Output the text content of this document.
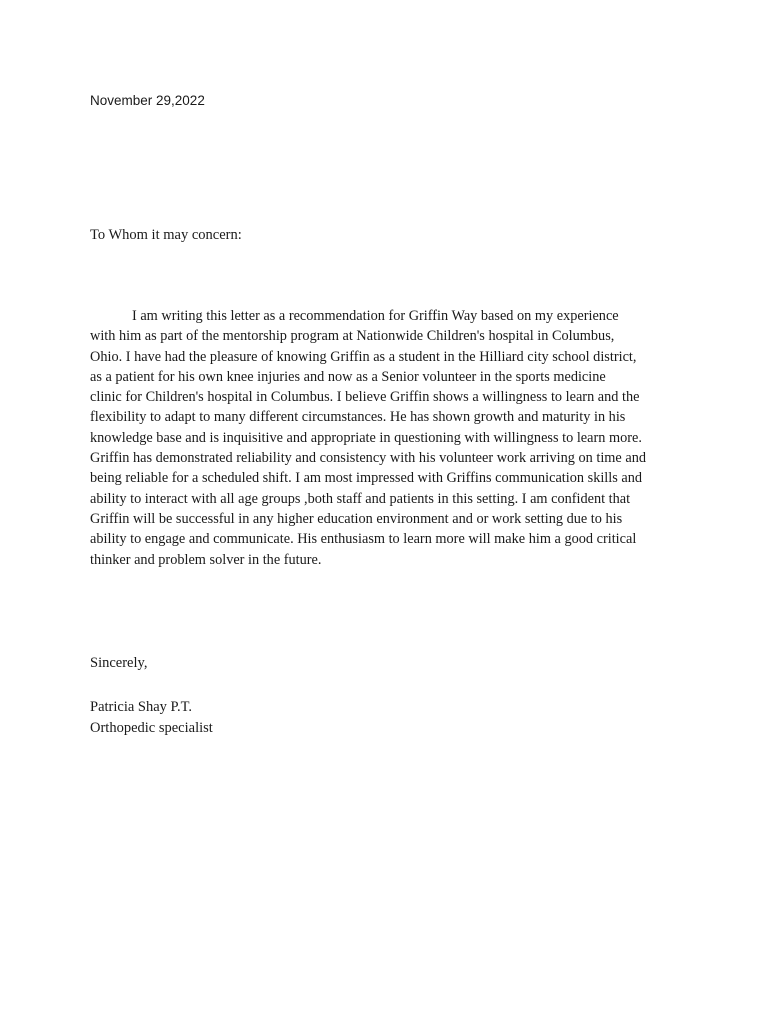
November 29,2022
To Whom it may concern:
I am writing this letter as a recommendation for Griffin Way based on my experience
with him as part of the mentorship program at Nationwide Children's hospital in Columbus,
Ohio. I have had the pleasure of knowing Griffin as a student in the Hilliard city school district,
as a patient for his own knee injuries and now as a Senior volunteer in the sports medicine
clinic for Children's hospital in Columbus. I believe Griffin shows a willingness to learn and the
flexibility to adapt to many different circumstances. He has shown growth and maturity in his
knowledge base and is inquisitive and appropriate in questioning with willingness to learn more.
Griffin has demonstrated reliability and consistency with his volunteer work arriving on time and
being reliable for a scheduled shift. I am most impressed with Griffins communication skills and
ability to interact with all age groups ,both staff and patients in this setting. I am confident that
Griffin will be successful in any higher education environment and or work setting due to his
ability to engage and communicate. His enthusiasm to learn more will make him a good critical
thinker and problem solver in the future.
Sincerely,
Patricia Shay P.T.
Orthopedic specialist
